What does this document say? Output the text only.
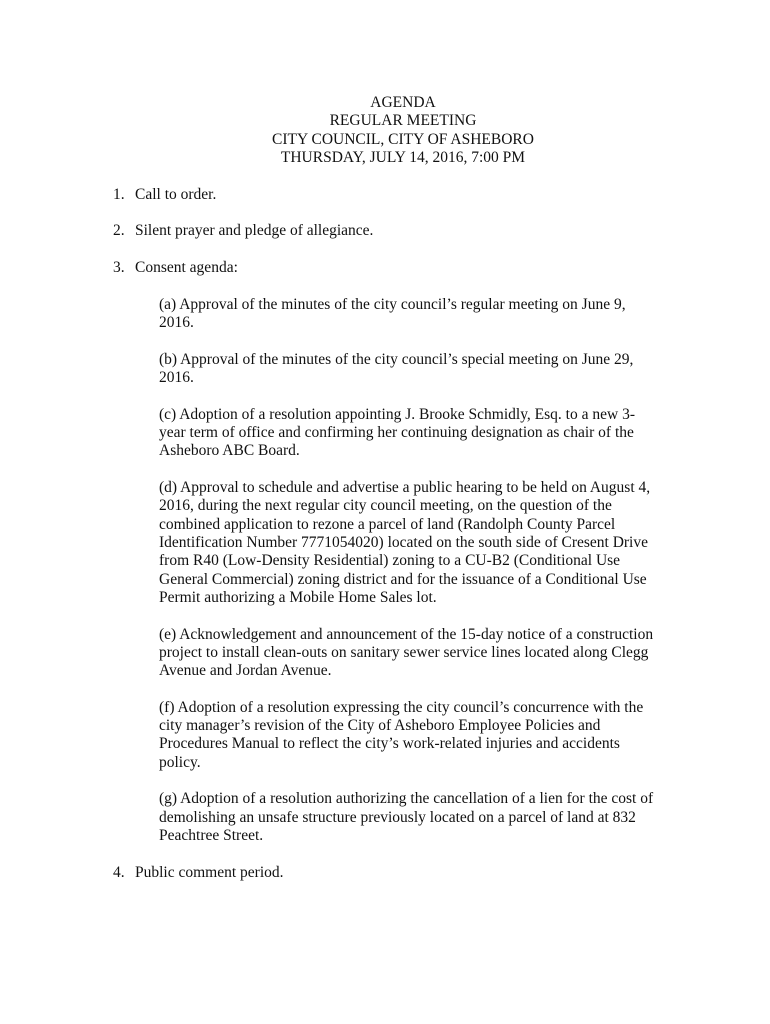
AGENDA
REGULAR MEETING
CITY COUNCIL, CITY OF ASHEBORO
THURSDAY, JULY 14, 2016, 7:00 PM
1. Call to order.
2. Silent prayer and pledge of allegiance.
3. Consent agenda:
(a) Approval of the minutes of the city council’s regular meeting on June 9,
2016.
(b) Approval of the minutes of the city council’s special meeting on June 29,
2016.
(c) Adoption of a resolution appointing J. Brooke Schmidly, Esq. to a new 3-
year term of office and confirming her continuing designation as chair of the
Asheboro ABC Board.
(d) Approval to schedule and advertise a public hearing to be held on August 4,
2016, during the next regular city council meeting, on the question of the
combined application to rezone a parcel of land (Randolph County Parcel
Identification Number 7771054020) located on the south side of Cresent Drive
from R40 (Low-Density Residential) zoning to a CU-B2 (Conditional Use
General Commercial) zoning district and for the issuance of a Conditional Use
Permit authorizing a Mobile Home Sales lot.
(e) Acknowledgement and announcement of the 15-day notice of a construction
project to install clean-outs on sanitary sewer service lines located along Clegg
Avenue and Jordan Avenue.
(f) Adoption of a resolution expressing the city council’s concurrence with the
city manager’s revision of the City of Asheboro Employee Policies and
Procedures Manual to reflect the city’s work-related injuries and accidents
policy.
(g) Adoption of a resolution authorizing the cancellation of a lien for the cost of
demolishing an unsafe structure previously located on a parcel of land at 832
Peachtree Street.
4. Public comment period.
